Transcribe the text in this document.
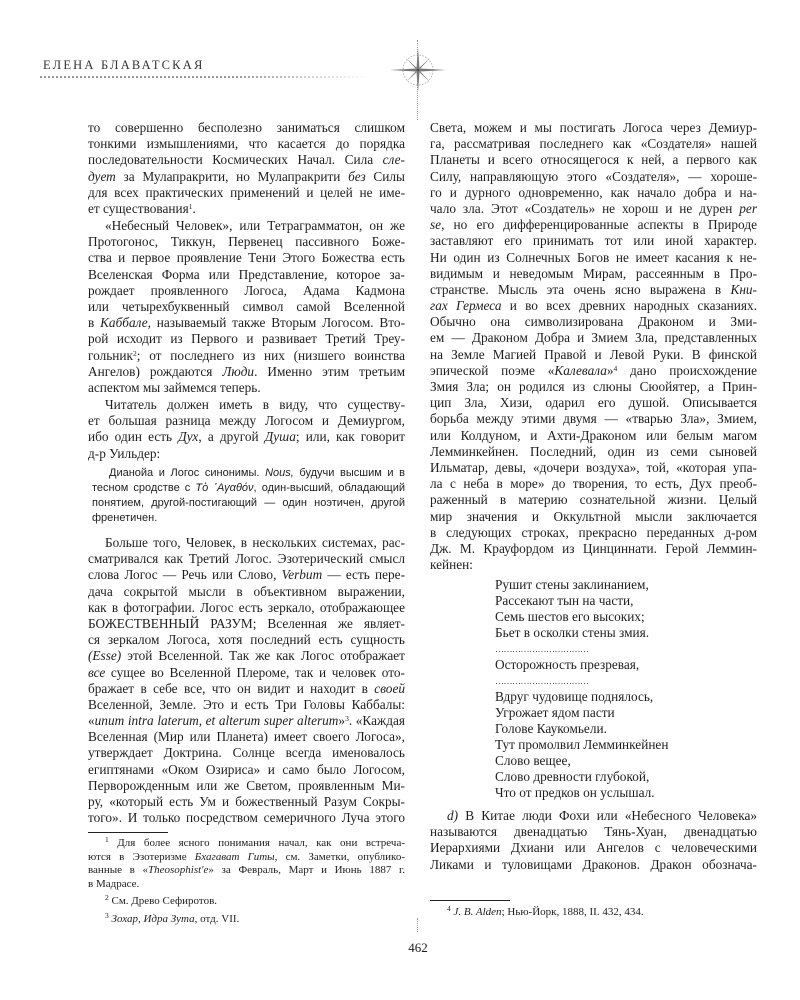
ЕЛЕНА БЛАВАТСКАЯ
то совершенно бесполезно заниматься слишком
тонкими измышлениями, что касается до порядка
последовательности Космических Начал. Сила сле-
дует за Мулапракрити, но Мулапракрити без Силы
для всех практических применений и целей не име-
ет существования$^1$.
«Небесный Человек», или Тетраграмматон, он же
Протогонос, Тиккун, Первенец пассивного Боже-
ства и первое проявление Тени Этого Божества есть
Вселенская Форма или Представление, которое за-
рождает проявленного Логоса, Адама Кадмона
или четырехбуквенный символ самой Вселенной
в Каббале, называемый также Вторым Логосом. Вто-
рой исходит из Первого и развивает Третий Треу-
гольник$^2$; от последнего из них (низшего воинства
Ангелов) рождаются Люди. Именно этим третьим
аспектом мы займемся теперь.
Читатель должен иметь в виду, что существу-
ет большая разница между Логосом и Демиургом,
ибо один есть Дух, а другой Душа; или, как говорит
д-р Уильдер:
Дианойа и Логос синонимы. Nous, будучи высшим и в
тесном сродстве с Τὸ ᾿Αγαθόν, один-высший, обладающий
понятием, другой-постигающий — один ноэтичен, другой
френетичен.
Больше того, Человек, в нескольких системах, рас-
сматривался как Третий Логос. Эзотерический смысл
слова Логос — Речь или Слово, Verbum — есть пере-
дача сокрытой мысли в объективном выражении,
как в фотографии. Логос есть зеркало, отображающее
БОЖЕСТВЕННЫЙ РАЗУМ; Вселенная же являет-
ся зеркалом Логоса, хотя последний есть сущность
(Esse) этой Вселенной. Так же как Логос отображает
все сущее во Вселенной Плероме, так и человек ото-
бражает в себе все, что он видит и находит в своей
Вселенной, Земле. Это и есть Три Головы Каббалы:
«unum intra laterum, et alterum super alterum»$^3$. «Каждая
Вселенная (Мир или Планета) имеет своего Логоса»,
утверждает Доктрина. Солнце всегда именовалось
египтянами «Оком Озириса» и само было Логосом,
Перворожденным или же Светом, проявленным Ми-
ру, «который есть Ум и божественный Разум Сокры-
того». И только посредством семеричного Луча этого
$^1$ Для более ясного понимания начал, как они встреча-
ются в Эзотеризме Бхагават Гиты, см. Заметки, опублико-
ванные в «Theosophist'e» за Февраль, Март и Июнь 1887 г.
в Мадрасе.
$^2$ См. Древо Сефиротов.
$^3$ Зохар, Идра Зута, отд. VII.
Света, можем и мы постигать Логоса через Демиур-
га, рассматривая последнего как «Создателя» нашей
Планеты и всего относящегося к ней, а первого как
Силу, направляющую этого «Создателя», — хороше-
го и дурного одновременно, как начало добра и на-
чало зла. Этот «Создатель» не хорош и не дурен per
se, но его дифференцированные аспекты в Природе
заставляют его принимать тот или иной характер.
Ни один из Солнечных Богов не имеет касания к не-
видимым и неведомым Мирам, рассеянным в Про-
странстве. Мысль эта очень ясно выражена в Кни-
гах Гермеса и во всех древних народных сказаниях.
Обычно она символизирована Драконом и Зми-
ем — Драконом Добра и Змием Зла, представленных
на Земле Магией Правой и Левой Руки. В финской
эпической поэме «Калевала»$^4$ дано происхождение
Змия Зла; он родился из слюны Сюойятер, а Прин-
цип Зла, Хизи, одарил его душой. Описывается
борьба между этими двумя — «тварью Зла», Змием,
или Колдуном, и Ахти-Драконом или белым магом
Лемминкейнен. Последний, один из семи сыновей
Ильматар, девы, «дочери воздуха», той, «которая упа-
ла с неба в море» до творения, то есть, Дух преоб-
раженный в материю сознательной жизни. Целый
мир значения и Оккультной мысли заключается
в следующих строках, прекрасно переданных д-ром
Дж. М. Крауфордом из Цинциннати. Герой Леммин-
кейнен:
Рушит стены заклинанием,
Рассекают тын на части,
Семь шестов его высоких;
Бьет в осколки стены змия.
……………………………
Осторожность презревая,
……………………………
Вдруг чудовище поднялось,
Угрожает ядом пасти
Голове Каукомьели.
Тут промолвил Лемминкейнен
Слово вещее,
Слово древности глубокой,
Что от предков он услышал.
d) В Китае люди Фохи или «Небесного Человека»
называются двенадцатью Тянь-Хуан, двенадцатью
Иерархиями Дхиани или Ангелов с человеческими
Ликами и туловищами Драконов. Дракон обознача-
$^4$ J. B. Alden; Нью-Йорк, 1888, II. 432, 434.
462
